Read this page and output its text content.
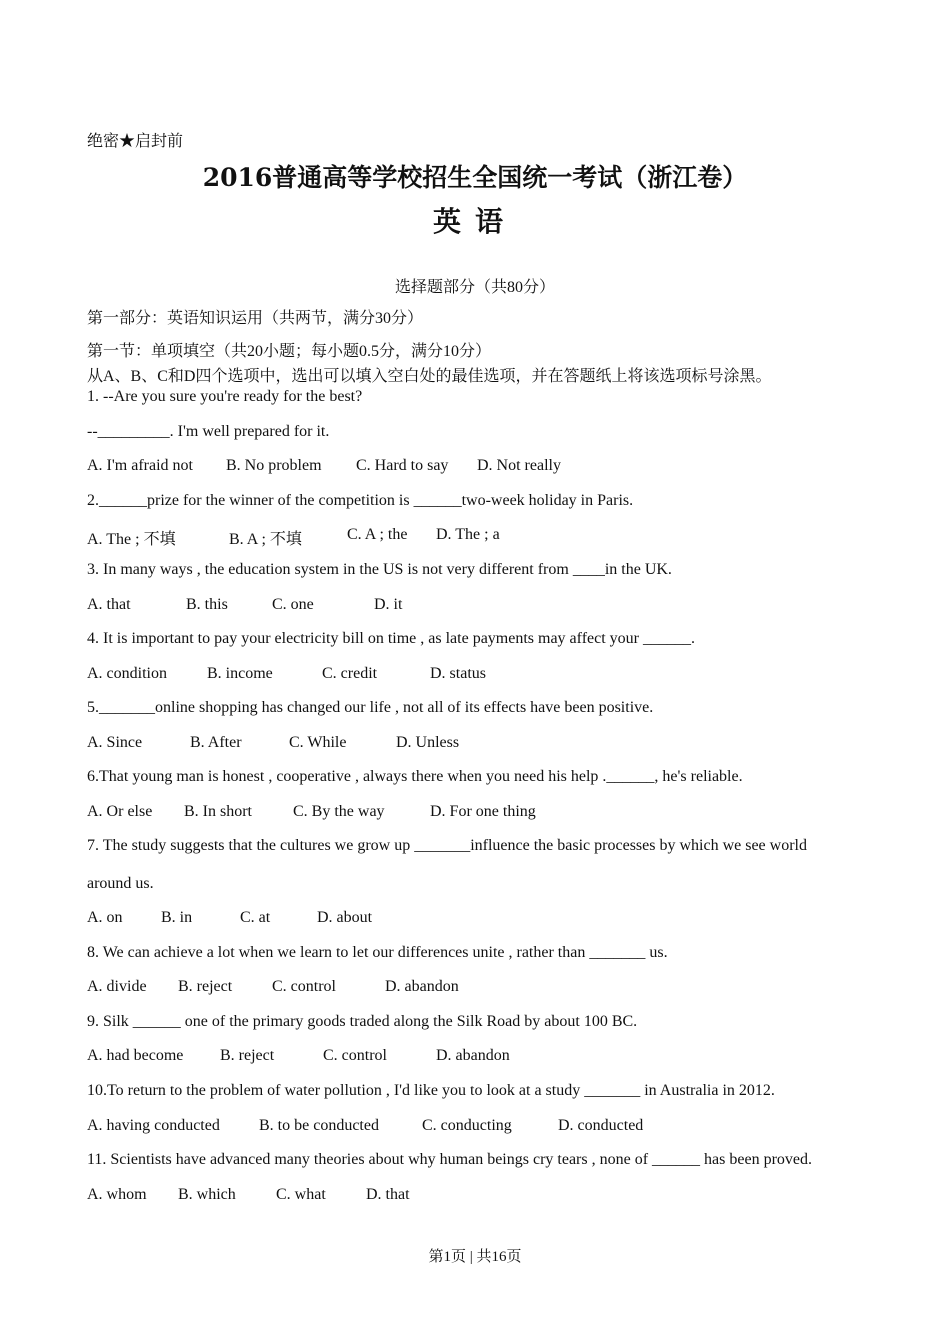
绝密★启封前
2016普通高等学校招生全国统一考试（浙江卷）
英语
选择题部分（共80分）
第一部分：英语知识运用（共两节，满分30分）
第一节：单项填空（共20小题；每小题0.5分，满分10分）
从A、B、C和D四个选项中，选出可以填入空白处的最佳选项，并在答题纸上将该选项标号涂黑。
1. --Are you sure you're ready for the best?
--_________. I'm well prepared for it.
A. I'm afraid not B. No problem C. Hard to say D. Not really
2.______prize for the winner of the competition is ______two-week holiday in Paris.
A. The ; 不填	B. A ; 不填	C. A ; the D. The ; a
3. In many ways , the education system in the US is not very different from ____in the UK.
A. that	B. this	C. one	D. it
4. It is important to pay your electricity bill on time , as late payments may affect your ______.
A. condition	B. income	C. credit	D. status
5._______online shopping has changed our life , not all of its effects have been positive.
A. Since	B. After	C. While	D. Unless
6.That young man is honest , cooperative , always there when you need his help .______, he's reliable.
A. Or else B. In short	C. By the way	D. For one thing
7. The study suggests that the cultures we grow up _______influence the basic processes by which we see world
around us.
A. on B. in	C. at	D. about
8. We can achieve a lot when we learn to let our differences unite , rather than _______ us.
A. divide B. reject C. control	D. abandon
9. Silk ______ one of the primary goods traded along the Silk Road by about 100 BC.
A. had become B. reject	C. control	D. abandon
10.To return to the problem of water pollution , I'd like you to look at a study _______ in Australia in 2012.
A. having conducted B. to be conducted	C. conducting	D. conducted
11. Scientists have advanced many theories about why human beings cry tears , none of ______ has been proved.
A. whom B. which	C. what	D. that
第1页 | 共16页
